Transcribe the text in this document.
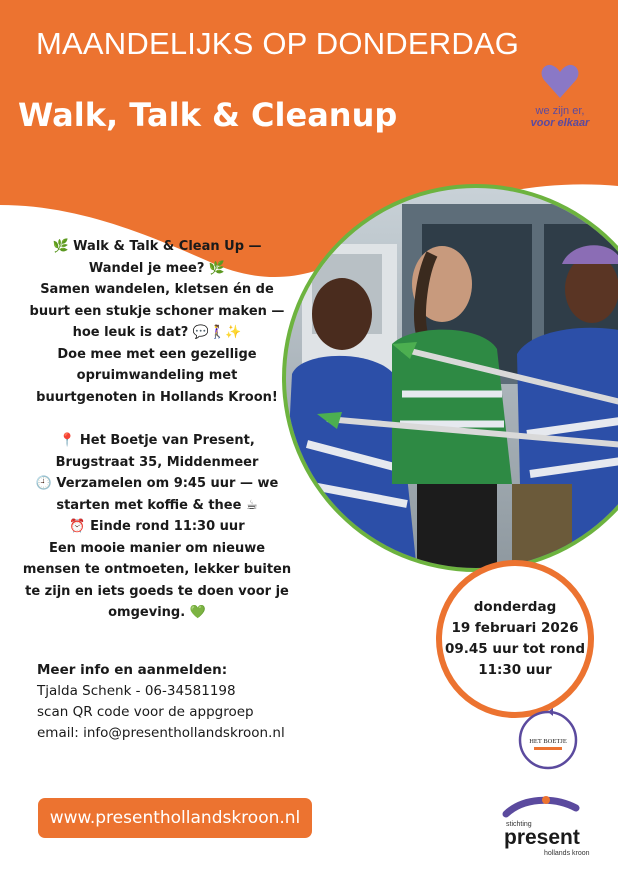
MAANDELIJKS OP DONDERDAG
Walk, Talk & Cleanup	we zijn er,
voor elkaar

🌿 Walk & Talk & Clean Up —

Wandel je mee? 🌿

Samen wandelen, kletsen én de

buurt een stukje schoner maken —

hoe leuk is dat? 💬🚶‍♀️✨

Doe mee met een gezellige

opruimwandeling met

buurtgenoten in Hollands Kroon!

📍 Het Boetje van Present,

Brugstraat 35, Middenmeer

🕘 Verzamelen om 9:45 uur — we

starten met koffie & thee ☕

⏰ Einde rond 11:30 uur

Een mooie manier om nieuwe

mensen te ontmoeten, lekker buiten

te zijn en iets goeds te doen voor je

omgeving. 💚	donderdag
19 februari 2026
09.45 uur tot rond
11:30 uur
Meer info en aanmelden:
Tjalda Schenk - 06-34581198
scan QR code voor de appgroep
email: info@presenthollandskroon.nl
www.presenthollandskroon.nl
HET BOETJE
stichting
present
hollands kroon
